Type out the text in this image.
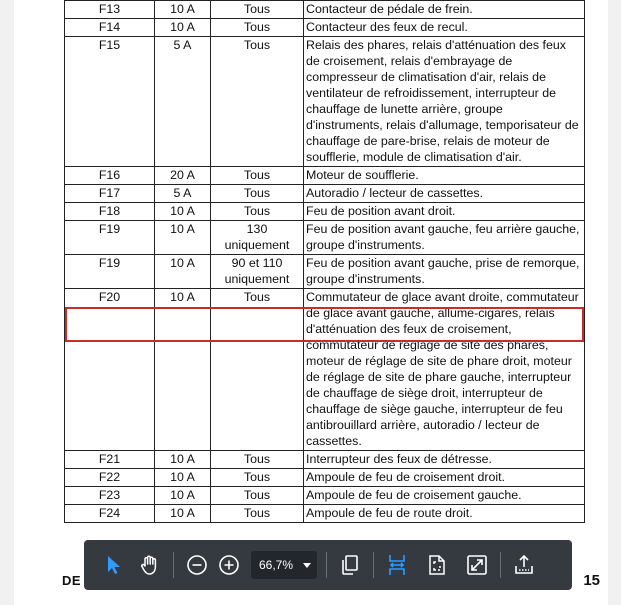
F13	10 A	Tous	Contacteur de pédale de frein.
F14	10 A	Tous	Contacteur des feux de recul.
F15	5 A	Tous	Relais des phares, relais d'atténuation des feux de croisement, relais d'embrayage de compresseur de climatisation d'air, relais de ventilateur de refroidissement, interrupteur de chauffage de lunette arrière, groupe d'instruments, relais d'allumage, temporisateur de chauffage de pare-brise, relais de moteur de soufflerie, module de climatisation d'air.
F16	20 A	Tous	Moteur de soufflerie.
F17	5 A	Tous	Autoradio / lecteur de cassettes.
F18	10 A	Tous	Feu de position avant droit.
F19	10 A	130 uniquement	Feu de position avant gauche, feu arrière gauche, groupe d'instruments.
F19	10 A	90 et 110 uniquement	Feu de position avant gauche, prise de remorque, groupe d'instruments.
F20	10 A	Tous	Commutateur de glace avant droite, commutateur de glace avant gauche, allume-cigares, relais d'atténuation des feux de croisement, commutateur de réglage de site des phares, moteur de réglage de site de phare droit, moteur de réglage de site de phare gauche, interrupteur de chauffage de siège droit, interrupteur de chauffage de siège gauche, interrupteur de feu antibrouillard arrière, autoradio / lecteur de cassettes.
F21	10 A	Tous	Interrupteur des feux de détresse.
F22	10 A	Tous	Ampoule de feu de croisement droit.
F23	10 A	Tous	Ampoule de feu de croisement gauche.
F24	10 A	Tous	Ampoule de feu de route droit.
DE	15
66,7%
